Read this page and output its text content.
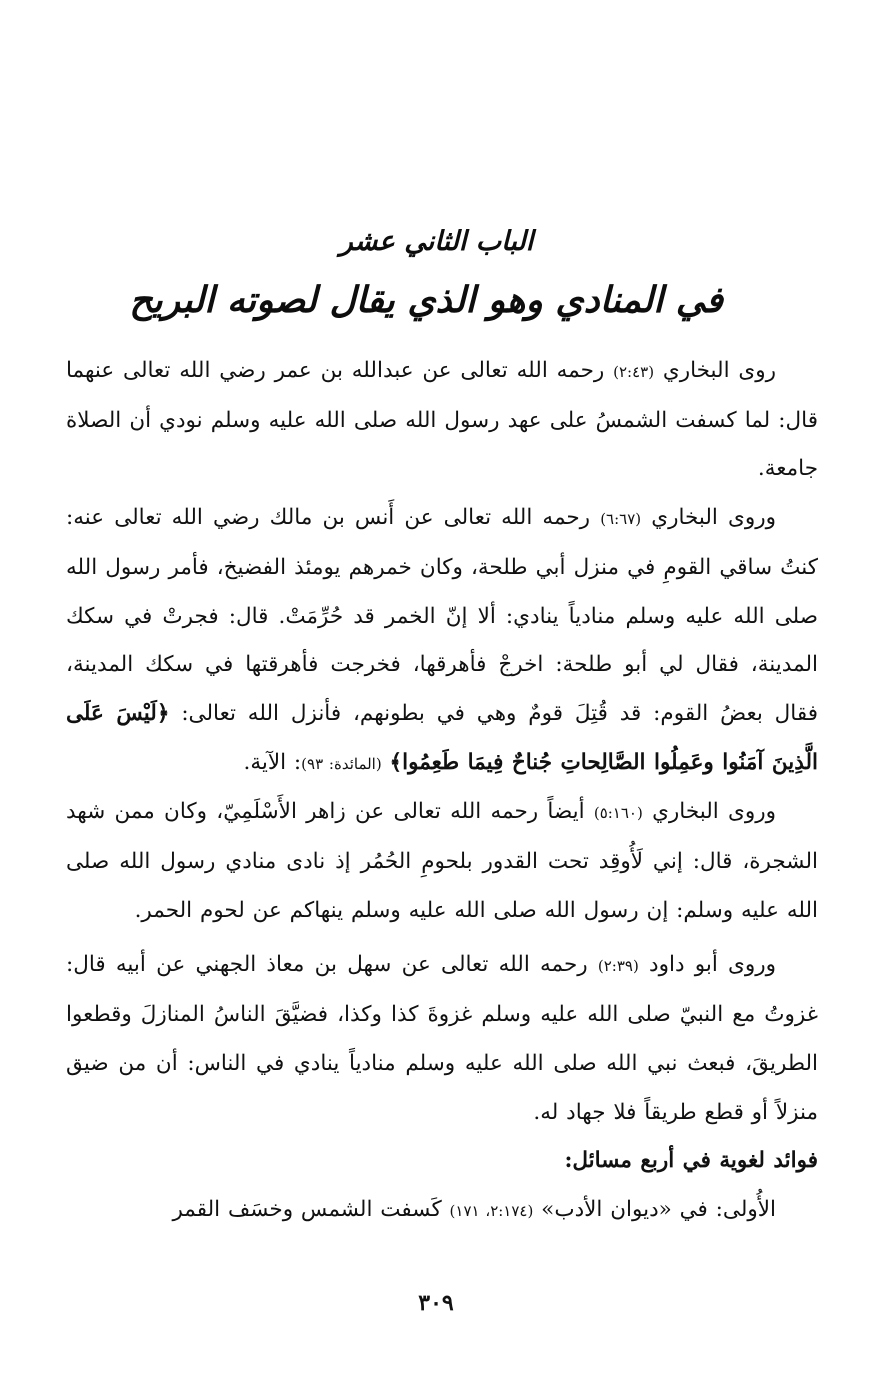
الباب الثاني عشر
في المنادي وهو الذي يقال لصوته البريح

روى البخاري (٢:٤٣) رحمه الله تعالى عن عبدالله بن عمر رضي الله تعالى عنهما قال: لما كسفت الشمسُ على عهد رسول الله صلى الله عليه وسلم نودي أن الصلاة جامعة.

وروى البخاري (٦:٦٧) رحمه الله تعالى عن أَنس بن مالك رضي الله تعالى عنه: كنتُ ساقي القومِ في منزل أبي طلحة، وكان خمرهم يومئذ الفضيخ، فأمر رسول الله صلى الله عليه وسلم منادياً ينادي: ألا إنّ الخمر قد حُرِّمَتْ. قال: فجرتْ في سكك المدينة، فقال لي أبو طلحة: اخرجْ فأهرقها، فخرجت فأهرقتها في سكك المدينة، فقال بعضُ القوم: قد قُتِلَ قومٌ وهي في بطونهم، فأنزل الله تعالى: ﴿لَيْسَ عَلَى الَّذِينَ آمَنُوا وعَمِلُوا الصَّالِحاتِ جُناحٌ فِيمَا طَعِمُوا﴾ (المائدة: ٩٣): الآية.

وروى البخاري (٥:١٦٠) أيضاً رحمه الله تعالى عن زاهر الأَسْلَمِيّ، وكان ممن شهد الشجرة، قال: إني لَأُوقِد تحت القدور بلحومِ الحُمُر إذ نادى منادي رسول الله صلى الله عليه وسلم: إن رسول الله صلى الله عليه وسلم ينهاكم عن لحوم الحمر.

وروى أبو داود (٢:٣٩) رحمه الله تعالى عن سهل بن معاذ الجهني عن أبيه قال: غزوتُ مع النبيّ صلى الله عليه وسلم غزوةَ كذا وكذا، فضيَّقَ الناسُ المنازلَ وقطعوا الطريقَ، فبعث نبي الله صلى الله عليه وسلم منادياً ينادي في الناس: أن من ضيق منزلاً أو قطع طريقاً فلا جهاد له.

فوائد لغوية في أربع مسائل:

الأُولى: في «ديوان الأدب» (٢:١٧٤، ١٧١) كَسفت الشمس وخسَف القمر

٣٠٩
